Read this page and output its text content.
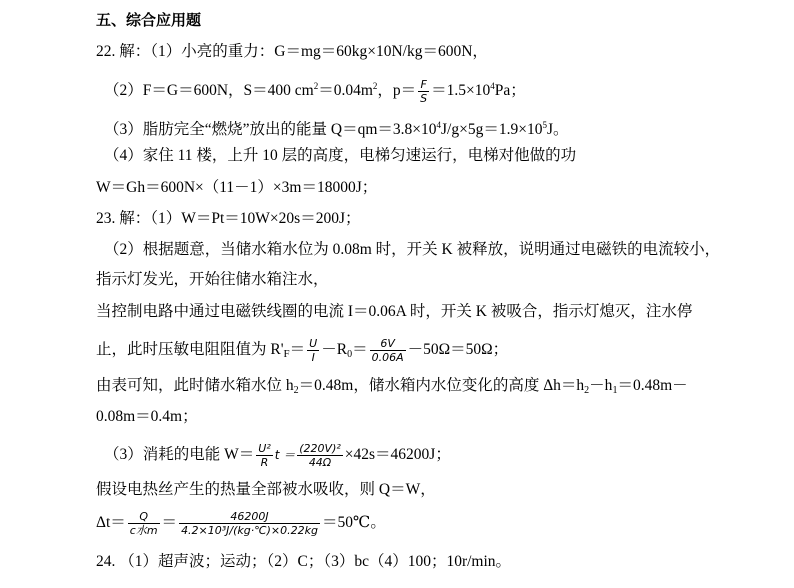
五、综合应用题
22. 解：（1）小亮的重力：G＝mg＝60kg×10N/kg＝600N，
（2）F＝G＝600N，S＝400 $cm^2=0.04m^2$，$p= \frac{F}{S} =1.5\times 10^4Pa$；
（3）脂肪完全“燃烧”放出的能量 $Q=qm=3.8\times 10^4J/g\times 5g=1.9\times 10^5J$。
（4）家住 11 楼，上升 10 层的高度，电梯匀速运行，电梯对他做的功
W＝Gh＝600N×（11－1）×3m＝18000J；
23. 解：（1）W＝Pt＝10W×20s＝200J；
（2）根据题意，当储水箱水位为 0.08m 时，开关 K 被释放，说明通过电磁铁的电流较小，
指示灯发光，开始往储水箱注水，
当控制电路中通过电磁铁线圈的电流 I＝0.06A 时，开关 K 被吸合，指示灯熄灭，注水停
止，此时压敏电阻阻值为 $R'_F= \frac{U}{I} -R_0= \frac{6V}{0.06A} -50\Omega=50\Omega$；
由表可知，此时储水箱水位 $h_2=0.48m$，储水箱内水位变化的高度 $\Delta h=h_2-h_1=0.48m-$
0.08m＝0.4m；
（3）消耗的电能 $W= \frac{\text{U²}}{R}$ $t = \frac{\text{(220V)²}}{44\Omega} \times 42s=46200J$；
假设电热丝产生的热量全部被水吸收，则 Q＝W，
$\Delta t= \frac{Q}{\text{c水m}} = \frac{46200J}{\text{4.2×10³J/(kg·℃)×0.22kg}}$ ＝50℃。
24. （1）超声波；运动；（2）C；（3）bc（4）100；10r/min。
